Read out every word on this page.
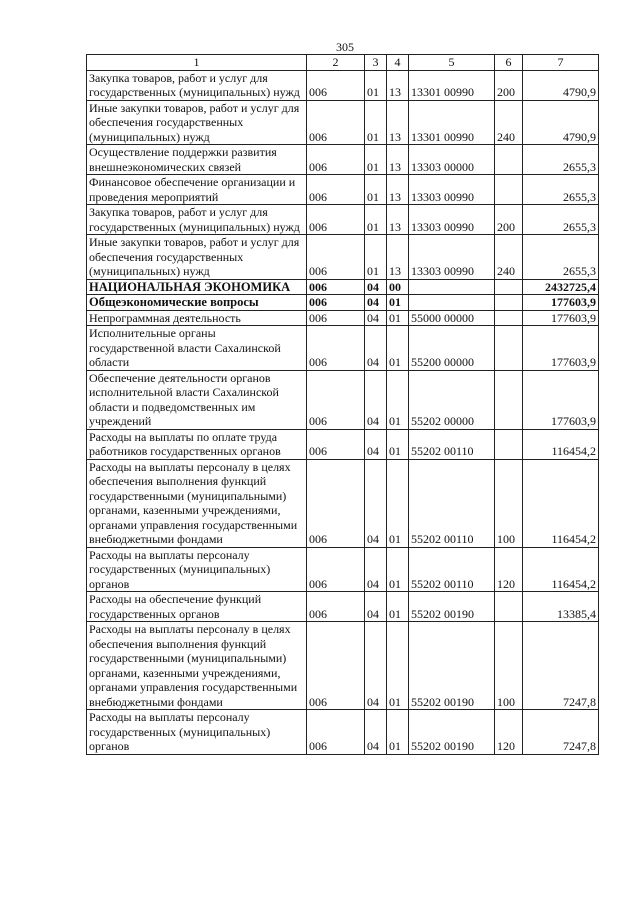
305
1	2	3	4	5	6	7
Закупка товаров, работ и услуг для государственных (муниципальных) нужд	006	01	13	13301 00990	200	4790,9
Иные закупки товаров, работ и услуг для обеспечения государственных (муниципальных) нужд	006	01	13	13301 00990	240	4790,9
Осуществление поддержки развития внешнеэкономических связей	006	01	13	13303 00000		2655,3
Финансовое обеспечение организации и проведения мероприятий	006	01	13	13303 00990		2655,3
Закупка товаров, работ и услуг для государственных (муниципальных) нужд	006	01	13	13303 00990	200	2655,3
Иные закупки товаров, работ и услуг для обеспечения государственных (муниципальных) нужд	006	01	13	13303 00990	240	2655,3
НАЦИОНАЛЬНАЯ ЭКОНОМИКА	006	04	00			2432725,4
Общеэкономические вопросы	006	04	01			177603,9
Непрограммная деятельность	006	04	01	55000 00000		177603,9
Исполнительные органы государственной власти Сахалинской области	006	04	01	55200 00000		177603,9
Обеспечение деятельности органов исполнительной власти Сахалинской области и подведомственных им учреждений	006	04	01	55202 00000		177603,9
Расходы на выплаты по оплате труда работников государственных органов	006	04	01	55202 00110		116454,2
Расходы на выплаты персоналу в целях обеспечения выполнения функций государственными (муниципальными) органами, казенными учреждениями, органами управления государственными внебюджетными фондами	006	04	01	55202 00110	100	116454,2
Расходы на выплаты персоналу государственных (муниципальных) органов	006	04	01	55202 00110	120	116454,2
Расходы на обеспечение функций государственных органов	006	04	01	55202 00190		13385,4
Расходы на выплаты персоналу в целях обеспечения выполнения функций государственными (муниципальными) органами, казенными учреждениями, органами управления государственными внебюджетными фондами	006	04	01	55202 00190	100	7247,8
Расходы на выплаты персоналу государственных (муниципальных) органов	006	04	01	55202 00190	120	7247,8
